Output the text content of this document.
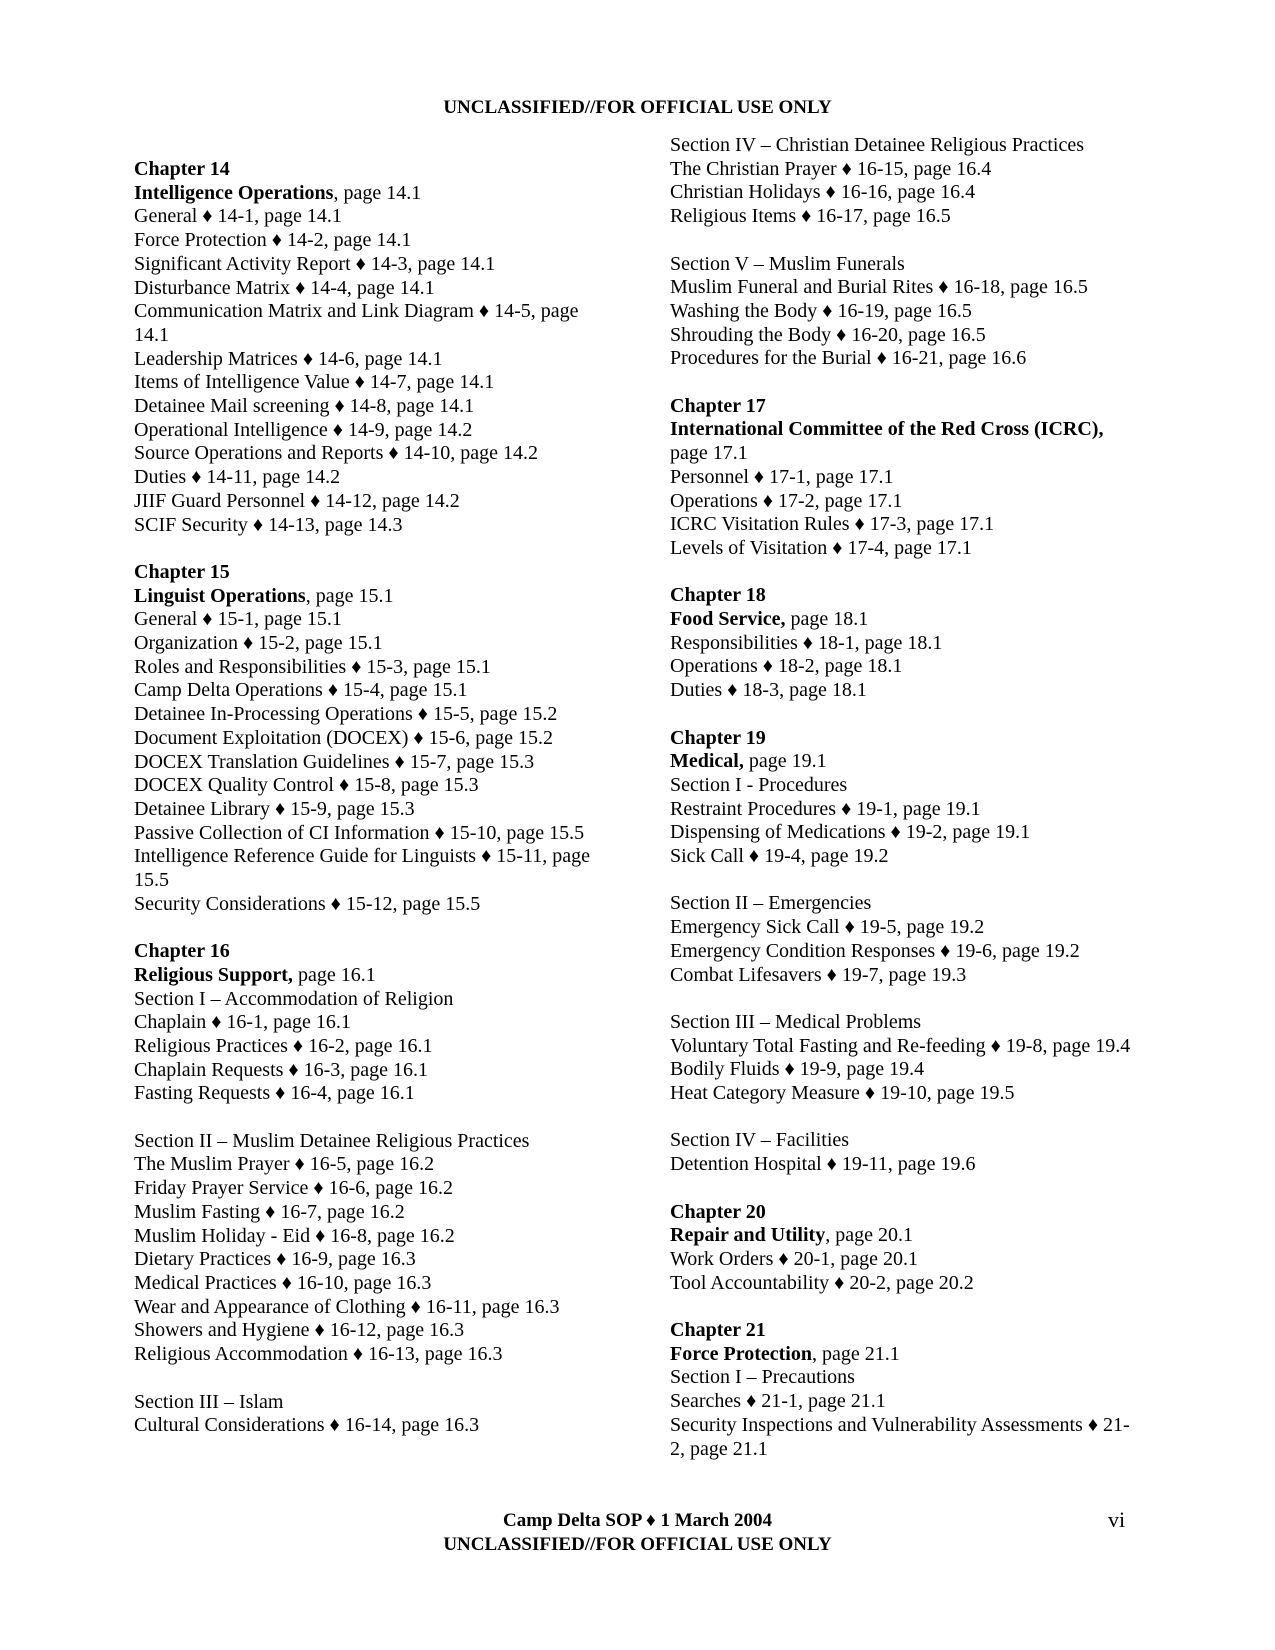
UNCLASSIFIED//FOR OFFICIAL USE ONLY
Chapter 14
Intelligence Operations, page 14.1
General ♦ 14-1, page 14.1
Force Protection ♦ 14-2, page 14.1
Significant Activity Report ♦ 14-3, page 14.1
Disturbance Matrix ♦ 14-4, page 14.1
Communication Matrix and Link Diagram ♦ 14-5, page 14.1
Leadership Matrices ♦ 14-6, page 14.1
Items of Intelligence Value ♦ 14-7, page 14.1
Detainee Mail screening ♦ 14-8, page 14.1
Operational Intelligence ♦ 14-9, page 14.2
Source Operations and Reports ♦ 14-10, page 14.2
Duties ♦ 14-11, page 14.2
JIIF Guard Personnel ♦ 14-12, page 14.2
SCIF Security ♦ 14-13, page 14.3
Chapter 15
Linguist Operations, page 15.1
General ♦ 15-1, page 15.1
Organization ♦ 15-2, page 15.1
Roles and Responsibilities ♦ 15-3, page 15.1
Camp Delta Operations ♦ 15-4, page 15.1
Detainee In-Processing Operations ♦ 15-5, page 15.2
Document Exploitation (DOCEX) ♦ 15-6, page 15.2
DOCEX Translation Guidelines ♦ 15-7, page 15.3
DOCEX Quality Control ♦ 15-8, page 15.3
Detainee Library ♦ 15-9, page 15.3
Passive Collection of CI Information ♦ 15-10, page 15.5
Intelligence Reference Guide for Linguists ♦ 15-11, page 15.5
Security Considerations ♦ 15-12, page 15.5
Chapter 16
Religious Support, page 16.1
Section I – Accommodation of Religion
Chaplain ♦ 16-1, page 16.1
Religious Practices ♦ 16-2, page 16.1
Chaplain Requests ♦ 16-3, page 16.1
Fasting Requests ♦ 16-4, page 16.1
Section II – Muslim Detainee Religious Practices
The Muslim Prayer ♦ 16-5, page 16.2
Friday Prayer Service ♦ 16-6, page 16.2
Muslim Fasting ♦ 16-7, page 16.2
Muslim Holiday - Eid ♦ 16-8, page 16.2
Dietary Practices ♦ 16-9, page 16.3
Medical Practices ♦ 16-10, page 16.3
Wear and Appearance of Clothing ♦ 16-11, page 16.3
Showers and Hygiene ♦ 16-12, page 16.3
Religious Accommodation ♦ 16-13, page 16.3
Section III – Islam
Cultural Considerations ♦ 16-14, page 16.3
Section IV – Christian Detainee Religious Practices
The Christian Prayer ♦ 16-15, page 16.4
Christian Holidays ♦ 16-16, page 16.4
Religious Items ♦ 16-17, page 16.5
Section V – Muslim Funerals
Muslim Funeral and Burial Rites ♦ 16-18, page 16.5
Washing the Body ♦ 16-19, page 16.5
Shrouding the Body ♦ 16-20, page 16.5
Procedures for the Burial ♦ 16-21, page 16.6
Chapter 17
International Committee of the Red Cross (ICRC), page 17.1
Personnel ♦ 17-1, page 17.1
Operations ♦ 17-2, page 17.1
ICRC Visitation Rules ♦ 17-3, page 17.1
Levels of Visitation ♦ 17-4, page 17.1
Chapter 18
Food Service, page 18.1
Responsibilities ♦ 18-1, page 18.1
Operations ♦ 18-2, page 18.1
Duties ♦ 18-3, page 18.1
Chapter 19
Medical, page 19.1
Section I - Procedures
Restraint Procedures ♦ 19-1, page 19.1
Dispensing of Medications ♦ 19-2, page 19.1
Sick Call ♦ 19-4, page 19.2
Section II – Emergencies
Emergency Sick Call ♦ 19-5, page 19.2
Emergency Condition Responses ♦ 19-6, page 19.2
Combat Lifesavers ♦ 19-7, page 19.3
Section III – Medical Problems
Voluntary Total Fasting and Re-feeding ♦ 19-8, page 19.4
Bodily Fluids ♦ 19-9, page 19.4
Heat Category Measure ♦ 19-10, page 19.5
Section IV – Facilities
Detention Hospital ♦ 19-11, page 19.6
Chapter 20
Repair and Utility, page 20.1
Work Orders ♦ 20-1, page 20.1
Tool Accountability ♦ 20-2, page 20.2
Chapter 21
Force Protection, page 21.1
Section I – Precautions
Searches ♦ 21-1, page 21.1
Security Inspections and Vulnerability Assessments ♦ 21-2, page 21.1
Camp Delta SOP ♦ 1 March 2004	vi
UNCLASSIFIED//FOR OFFICIAL USE ONLY
